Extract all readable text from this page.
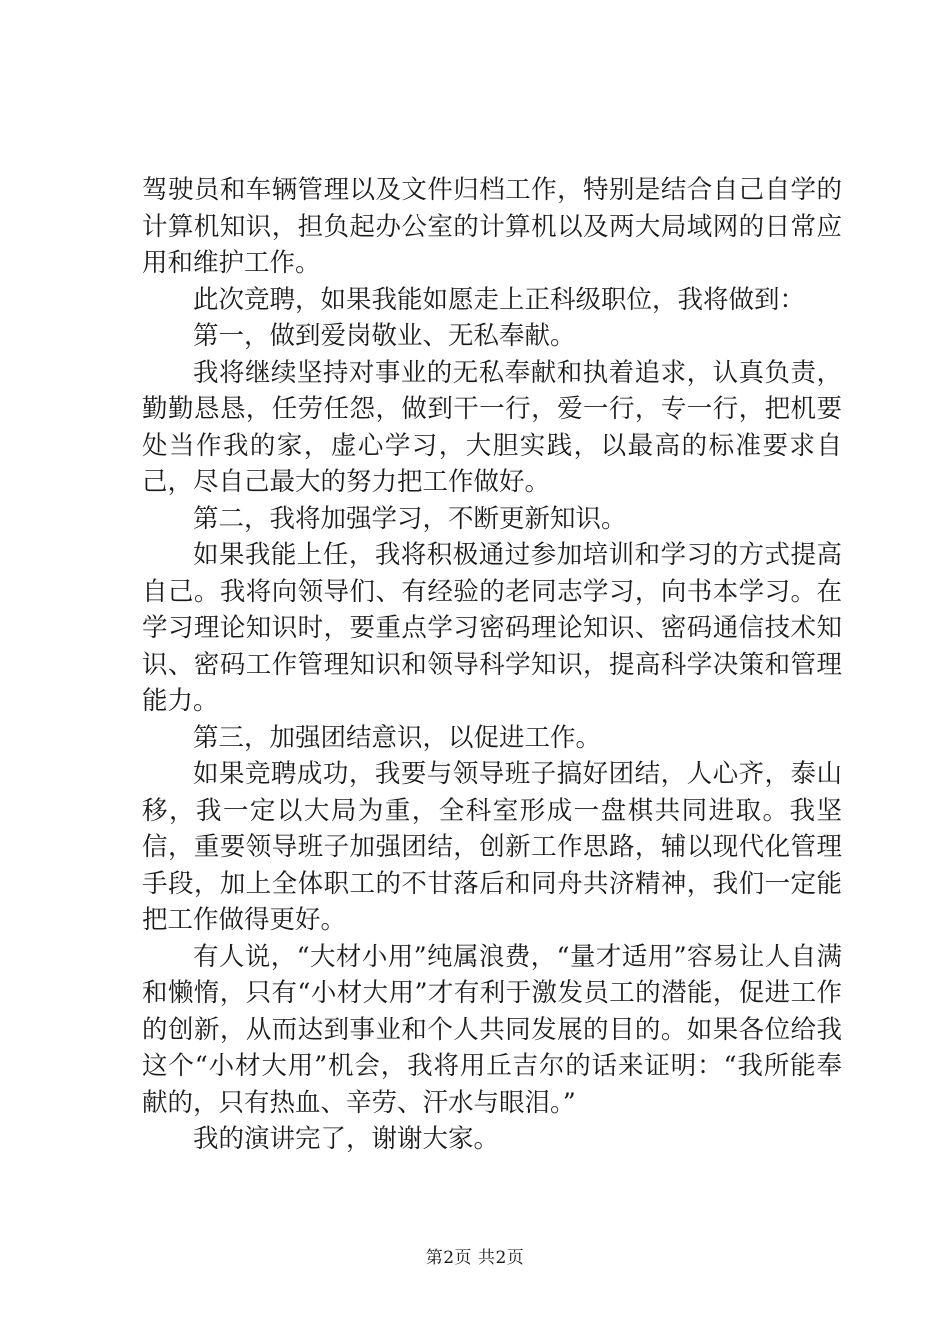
驾驶员和车辆管理以及文件归档工作，特别是结合自己自学的计算机知识，担负起办公室的计算机以及两大局域网的日常应用和维护工作。

此次竞聘，如果我能如愿走上正科级职位，我将做到：

第一，做到爱岗敬业、无私奉献。

我将继续坚持对事业的无私奉献和执着追求，认真负责，勤勤恳恳，任劳任怨，做到干一行，爱一行，专一行，把机要处当作我的家，虚心学习，大胆实践，以最高的标准要求自己，尽自己最大的努力把工作做好。

第二，我将加强学习，不断更新知识。

如果我能上任，我将积极通过参加培训和学习的方式提高自己。我将向领导们、有经验的老同志学习，向书本学习。在学习理论知识时，要重点学习密码理论知识、密码通信技术知识、密码工作管理知识和领导科学知识，提高科学决策和管理能力。

第三，加强团结意识，以促进工作。

如果竞聘成功，我要与领导班子搞好团结，人心齐，泰山移，我一定以大局为重，全科室形成一盘棋共同进取。我坚信，重要领导班子加强团结，创新工作思路，辅以现代化管理手段，加上全体职工的不甘落后和同舟共济精神，我们一定能把工作做得更好。

有人说，“大材小用”纯属浪费，“量才适用”容易让人自满和懒惰，只有“小材大用”才有利于激发员工的潜能，促进工作的创新，从而达到事业和个人共同发展的目的。如果各位给我这个“小材大用”机会，我将用丘吉尔的话来证明：“我所能奉献的，只有热血、辛劳、汗水与眼泪。”

我的演讲完了，谢谢大家。

第2页 共2页
